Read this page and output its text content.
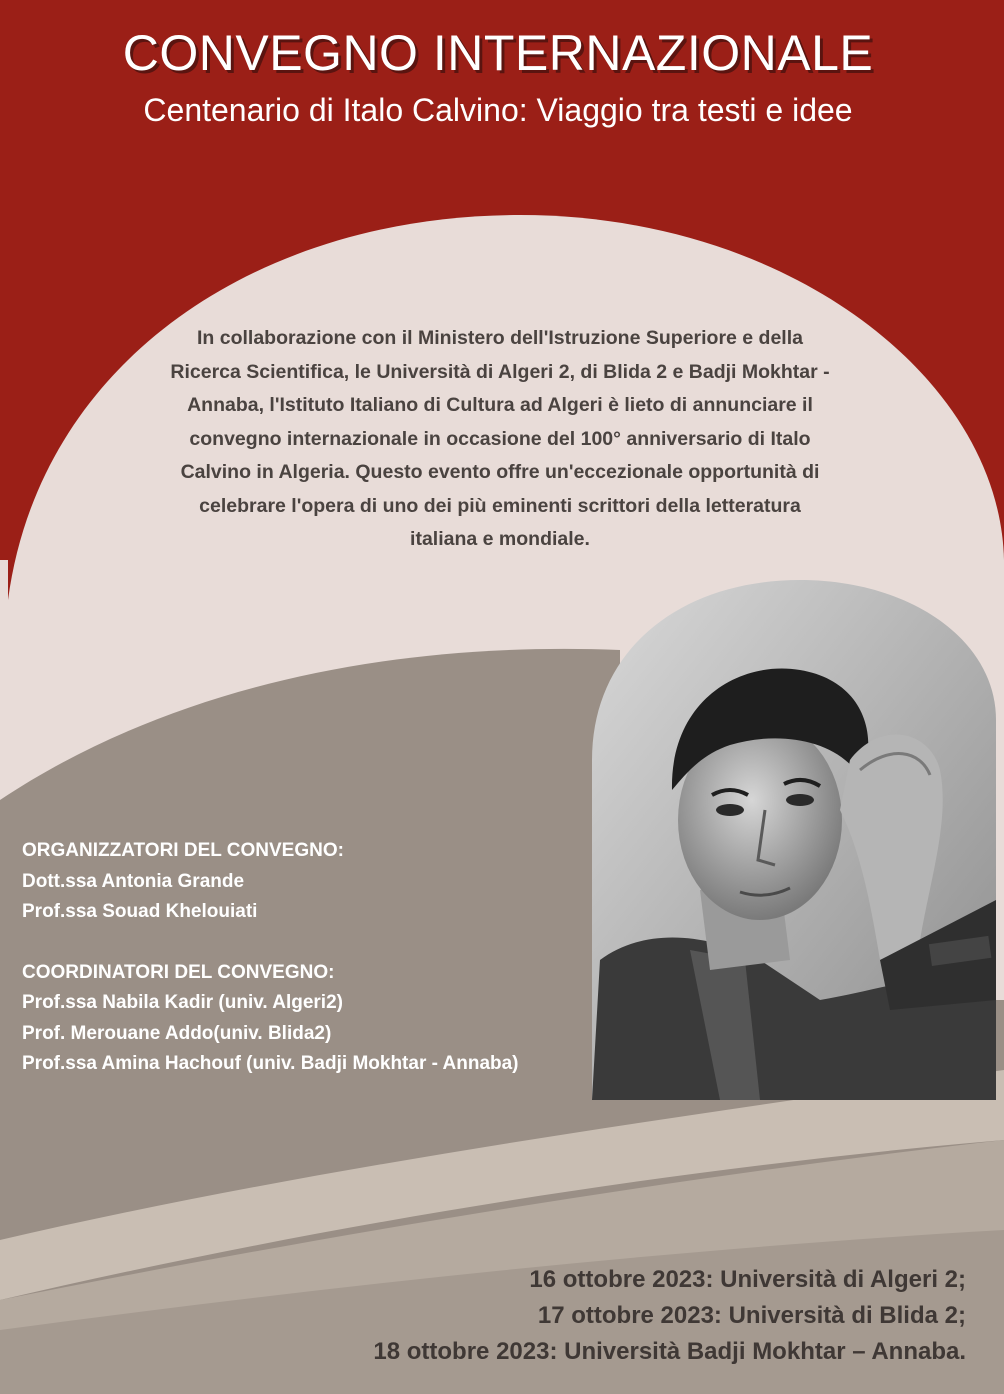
CONVEGNO INTERNAZIONALE
Centenario di Italo Calvino: Viaggio tra testi e idee
In collaborazione con il Ministero dell'Istruzione Superiore e della
Ricerca Scientifica, le Università di Algeri 2, di Blida 2 e Badji Mokhtar -
Annaba, l'Istituto Italiano di Cultura ad Algeri è lieto di annunciare il
convegno internazionale in occasione del 100° anniversario di Italo
Calvino in Algeria. Questo evento offre un'eccezionale opportunità di
celebrare l'opera di uno dei più eminenti scrittori della letteratura
italiana e mondiale.
ORGANIZZATORI DEL CONVEGNO:
Dott.ssa Antonia Grande
Prof.ssa Souad Khelouiati
COORDINATORI DEL CONVEGNO:
Prof.ssa Nabila Kadir (univ. Algeri2)
Prof. Merouane Addo(univ. Blida2)
Prof.ssa Amina Hachouf (univ. Badji Mokhtar - Annaba)
16 ottobre 2023: Università di Algeri 2;
17 ottobre 2023: Università di Blida 2;
18 ottobre 2023: Università Badji Mokhtar – Annaba.
